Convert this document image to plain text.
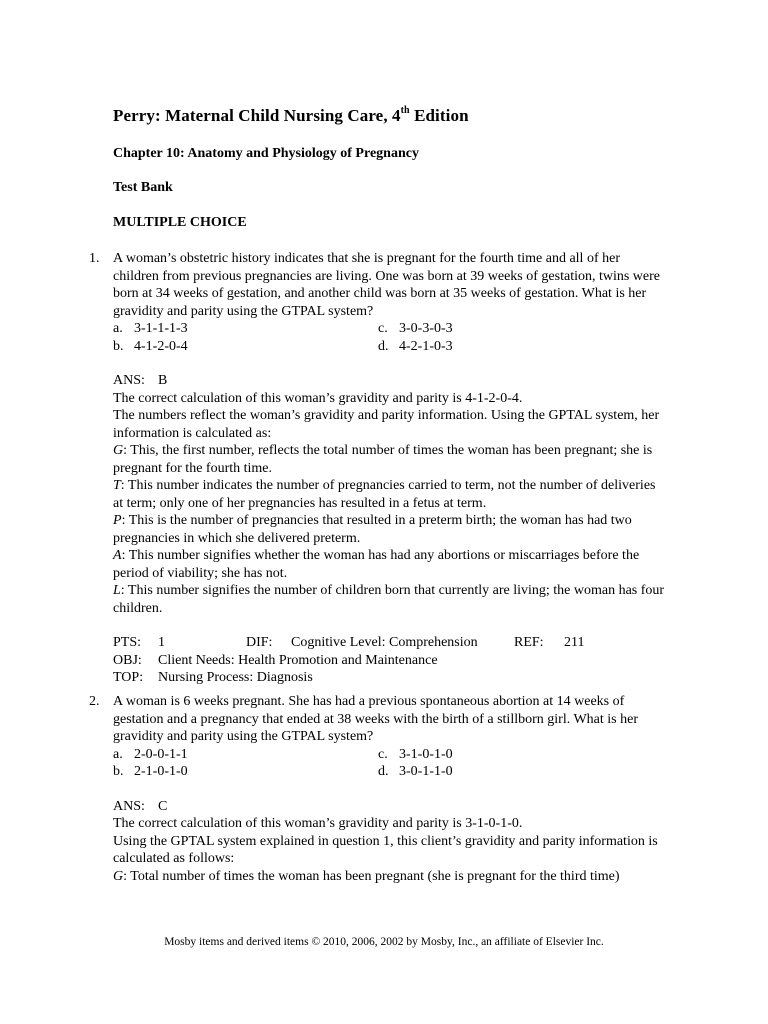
Perry: Maternal Child Nursing Care, 4th Edition
Chapter 10: Anatomy and Physiology of Pregnancy
Test Bank
MULTIPLE CHOICE
1. A woman’s obstetric history indicates that she is pregnant for the fourth time and all of her children from previous pregnancies are living. One was born at 39 weeks of gestation, twins were born at 34 weeks of gestation, and another child was born at 35 weeks of gestation. What is her gravidity and parity using the GTPAL system?

a. 3-1-1-1-3	c. 3-0-3-0-3
b. 4-1-2-0-4	d. 4-2-1-0-3
ANS: B

The correct calculation of this woman’s gravidity and parity is 4-1-2-0-4.

The numbers reflect the woman’s gravidity and parity information. Using the GPTAL system, her information is calculated as:

G: This, the first number, reflects the total number of times the woman has been pregnant; she is pregnant for the fourth time.

T: This number indicates the number of pregnancies carried to term, not the number of deliveries at term; only one of her pregnancies has resulted in a fetus at term.

P: This is the number of pregnancies that resulted in a preterm birth; the woman has had two pregnancies in which she delivered preterm.

A: This number signifies whether the woman has had any abortions or miscarriages before the period of viability; she has not.

L: This number signifies the number of children born that currently are living; the woman has four children.

PTS:	1	DIF:	Cognitive Level: Comprehension	REF:	211
OBJ:	Client Needs: Health Promotion and Maintenance
TOP:	Nursing Process: Diagnosis
2. A woman is 6 weeks pregnant. She has had a previous spontaneous abortion at 14 weeks of gestation and a pregnancy that ended at 38 weeks with the birth of a stillborn girl. What is her gravidity and parity using the GTPAL system?

a. 2-0-0-1-1	c. 3-1-0-1-0
b. 2-1-0-1-0	d. 3-0-1-1-0
ANS: C

The correct calculation of this woman’s gravidity and parity is 3-1-0-1-0.

Using the GPTAL system explained in question 1, this client’s gravidity and parity information is calculated as follows:

G: Total number of times the woman has been pregnant (she is pregnant for the third time)

Mosby items and derived items © 2010, 2006, 2002 by Mosby, Inc., an affiliate of Elsevier Inc.
